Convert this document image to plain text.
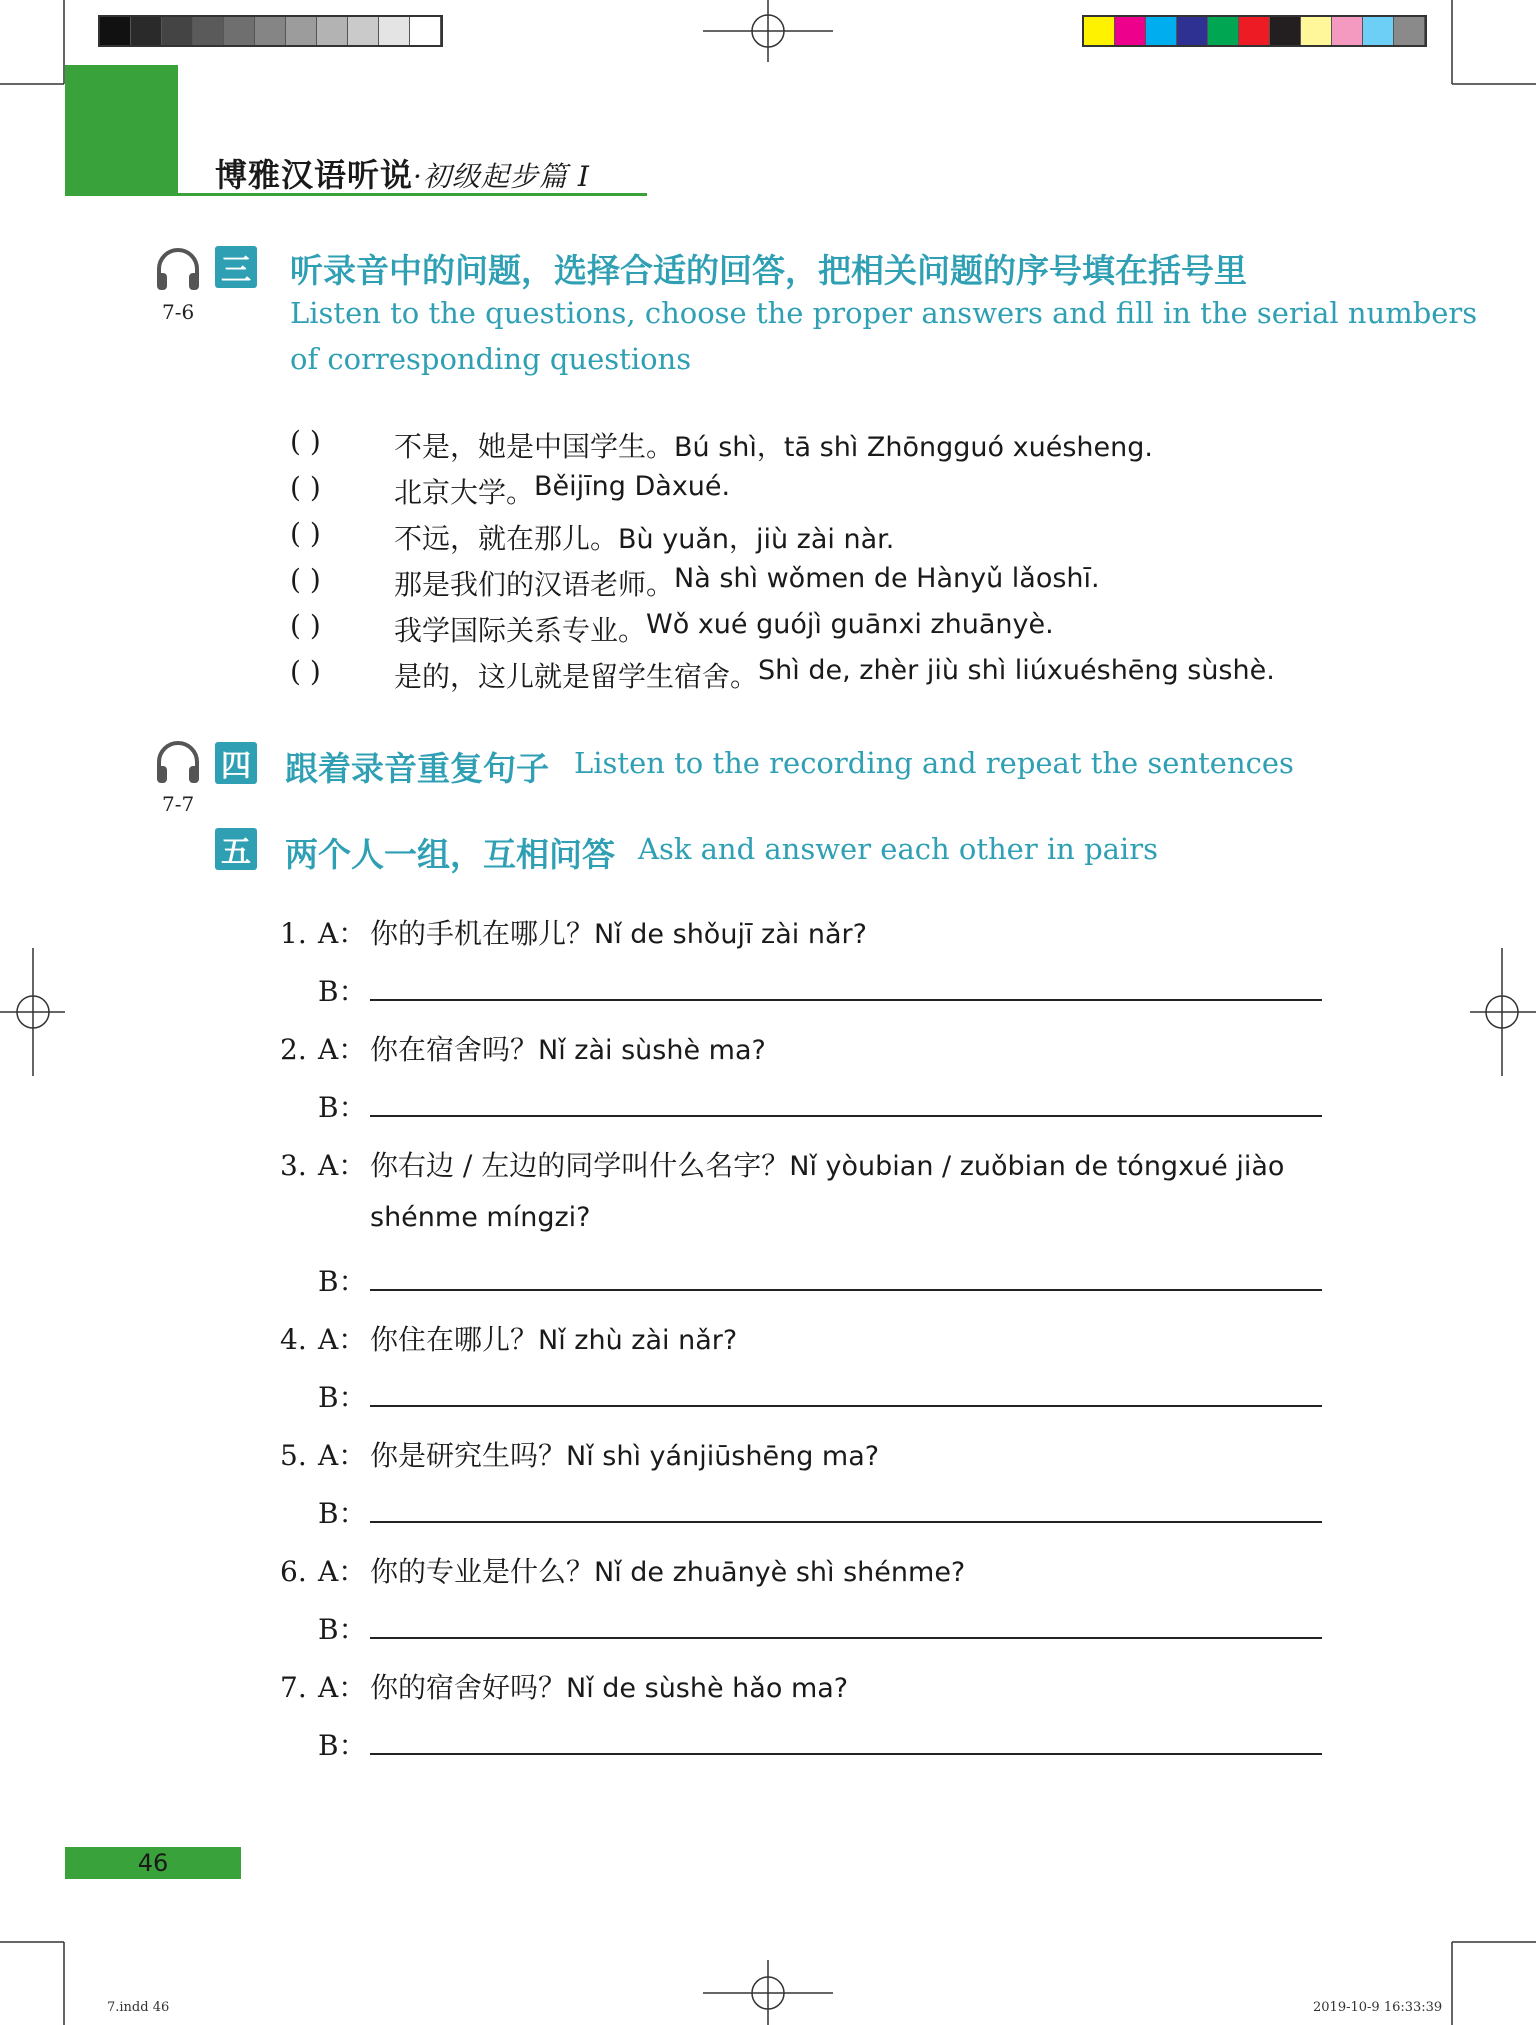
博雅汉语听说·初级起步篇 I
7-6
三 听录音中的问题，选择合适的回答，把相关问题的序号填在括号里
Listen to the questions, choose the proper answers and fill in the serial numbers
of corresponding questions
( )	不是，她是中国学生。 Bú shì，tā shì Zhōngguó xuésheng.
( )	北京大学。 Běijīng Dàxué.
( )	不远，就在那儿。 Bù yuǎn，jiù zài nàr.
( )	那是我们的汉语老师。 Nà shì wǒmen de Hànyǔ lǎoshī.
( )	我学国际关系专业。 Wǒ xué guójì guānxi zhuānyè.
( )	是的，这儿就是留学生宿舍。 Shì de, zhèr jiù shì liúxuéshēng sùshè.
7-7
四 跟着录音重复句子 Listen to the recording and repeat the sentences
五 两个人一组，互相问答 Ask and answer each other in pairs
1. A： 你的手机在哪儿？ Nǐ de shǒujī zài nǎr?
B：
2. A： 你在宿舍吗？ Nǐ zài sùshè ma?
B：
3. A： 你右边 / 左边的同学叫什么名字？ Nǐ yòubian / zuǒbian de tóngxué jiào
shénme míngzi?
B：
4. A： 你住在哪儿？ Nǐ zhù zài nǎr?
B：
5. A： 你是研究生吗？ Nǐ shì yánjiūshēng ma?
B：
6. A： 你的专业是什么？ Nǐ de zhuānyè shì shénme?
B：
7. A： 你的宿舍好吗？ Nǐ de sùshè hǎo ma?
B：
46
7.indd 46	2019-10-9 16:33:39
